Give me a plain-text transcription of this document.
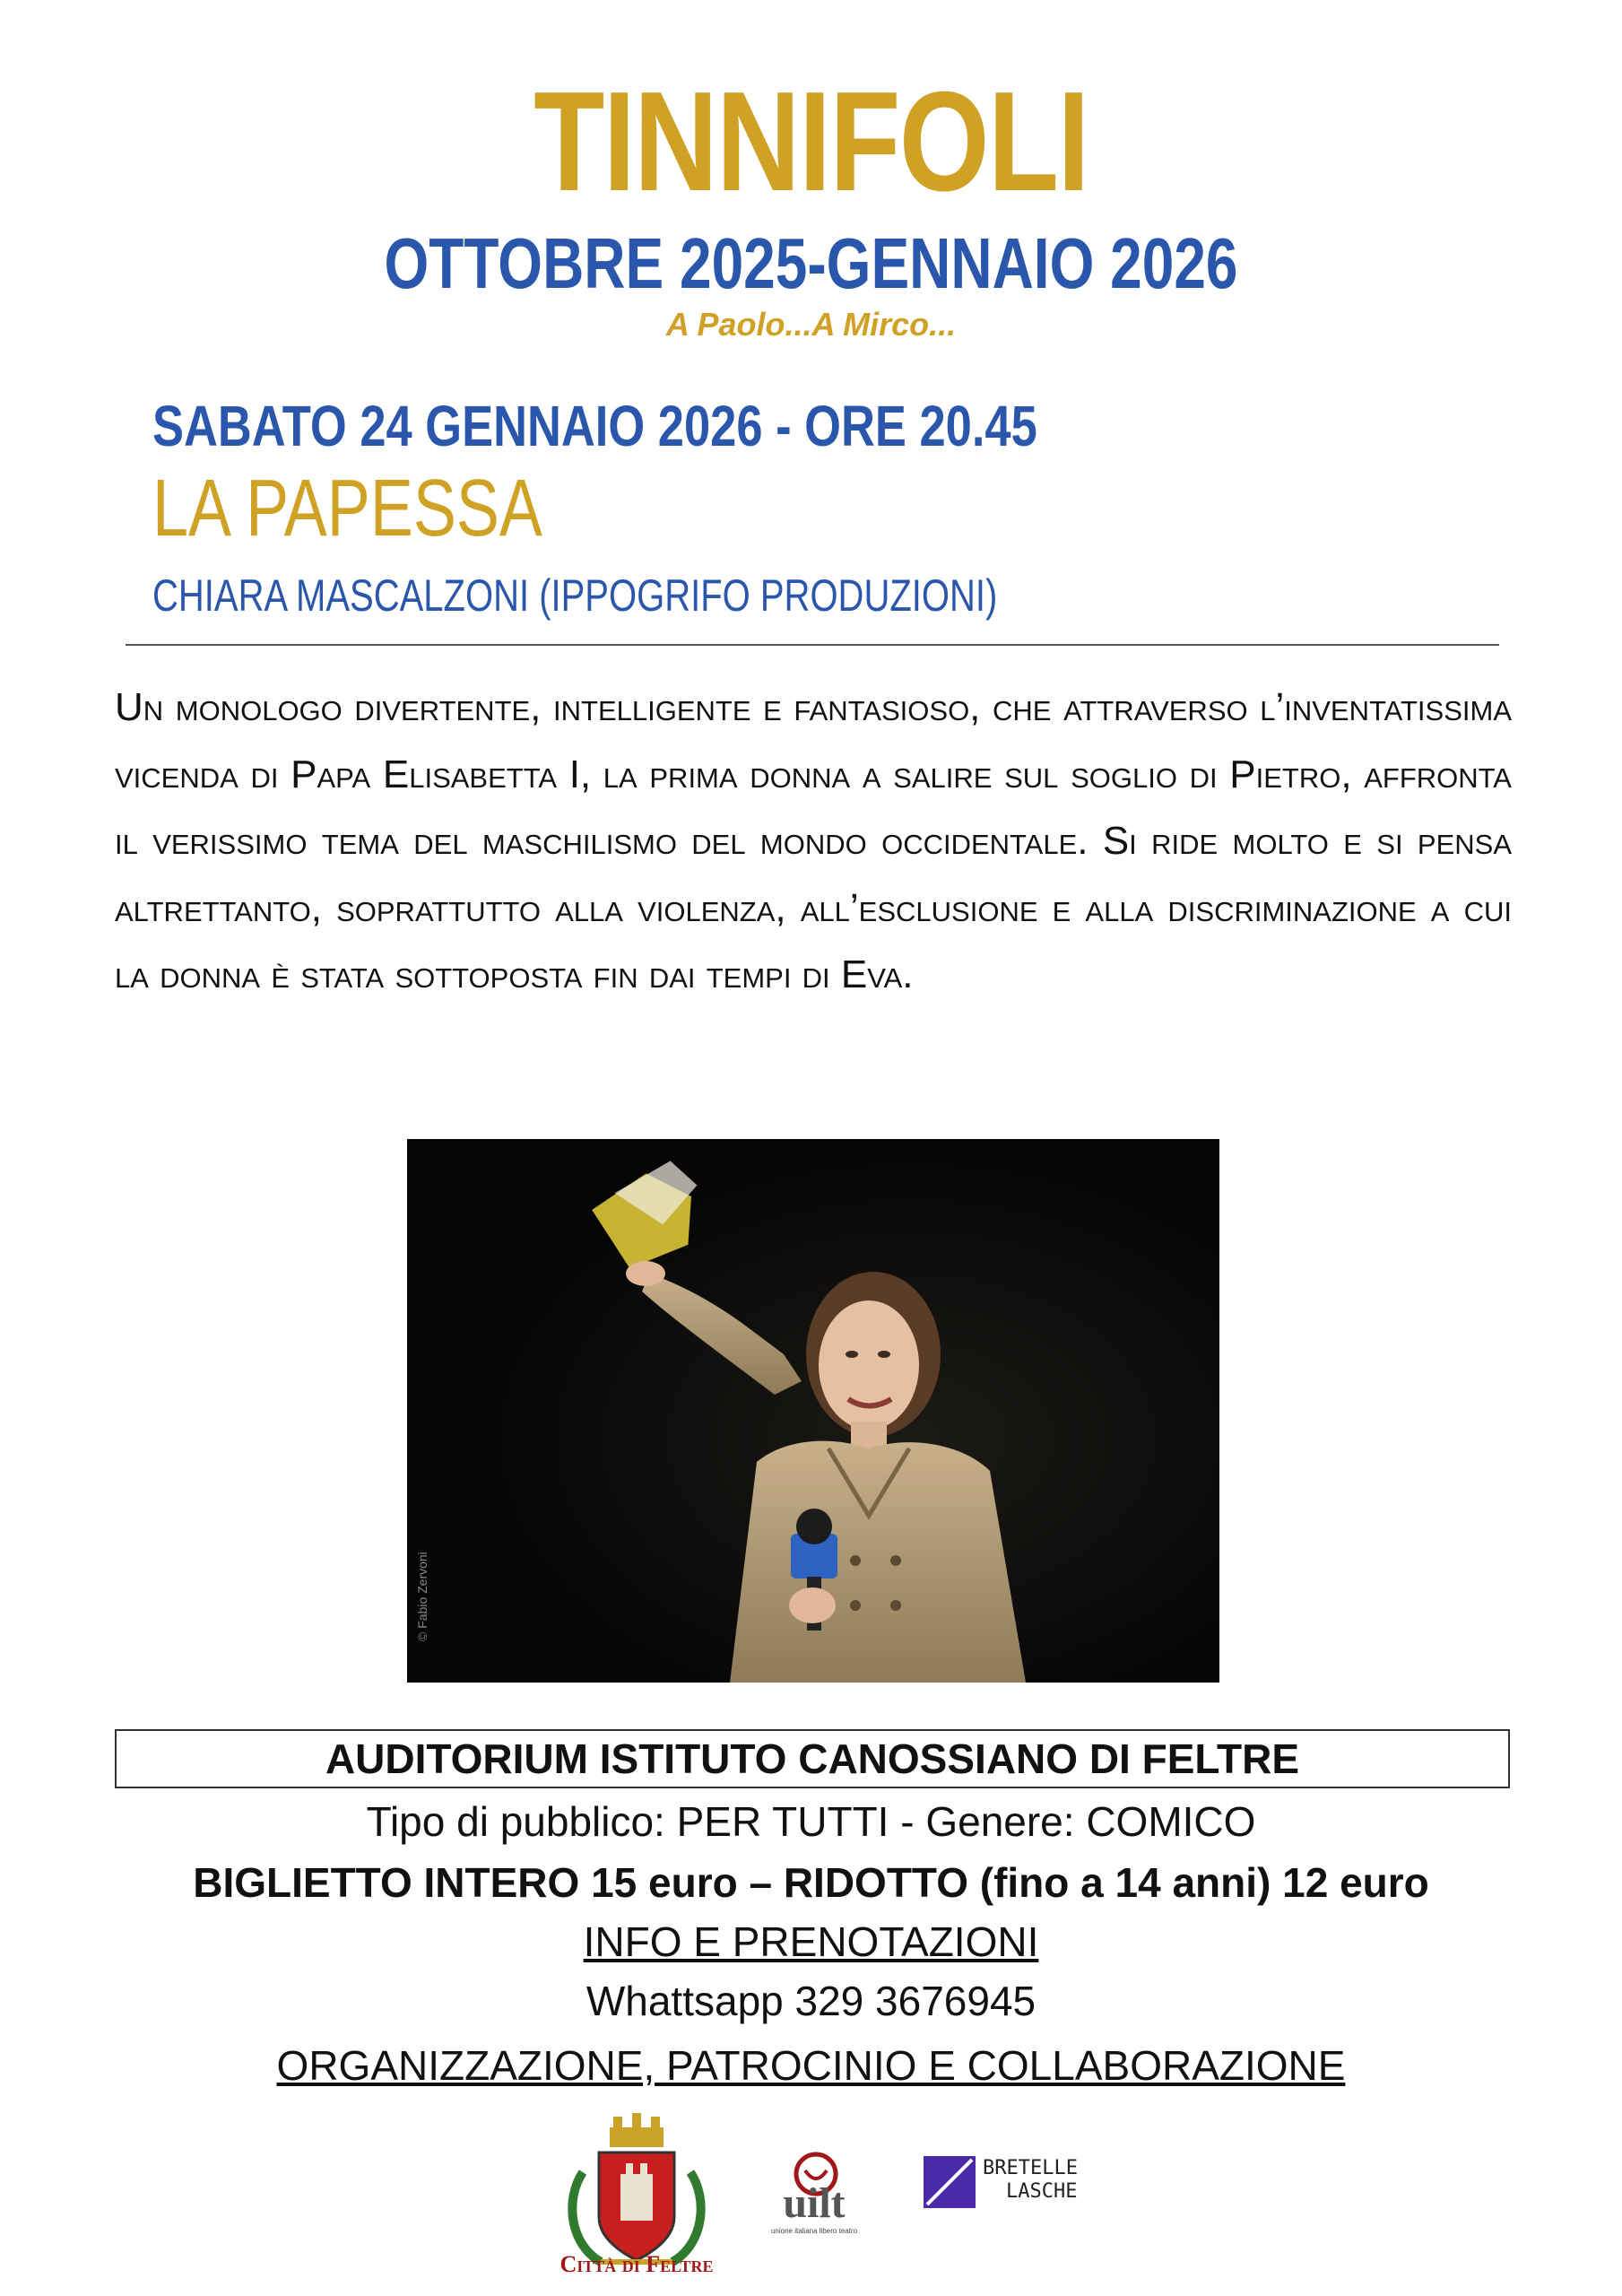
TINNIFOLI
OTTOBRE 2025-GENNAIO 2026
A Paolo...A Mirco...
SABATO 24 GENNAIO 2026 - ORE 20.45
LA PAPESSA
CHIARA MASCALZONI (IPPOGRIFO PRODUZIONI)
Un monologo divertente, intelligente e fantasioso, che attraverso l’inventatissima vicenda di Papa Elisabetta I, la prima donna a salire sul soglio di Pietro, affronta il verissimo tema del maschilismo del mondo occidentale. Si ride molto e si pensa altrettanto, soprattutto alla violenza, all’esclusione e alla discriminazione a cui la donna è stata sottoposta fin dai tempi di Eva.
© Fabio Zervoni
AUDITORIUM ISTITUTO CANOSSIANO DI FELTRE
Tipo di pubblico: PER TUTTI - Genere: COMICO
BIGLIETTO INTERO 15 euro – RIDOTTO (fino a 14 anni) 12 euro
INFO E PRENOTAZIONI
Whattsapp 329 3676945
ORGANIZZAZIONE, PATROCINIO E COLLABORAZIONE
Città di Feltre
uilt
unione italiana libero teatro
BRETELLE
LASCHE
